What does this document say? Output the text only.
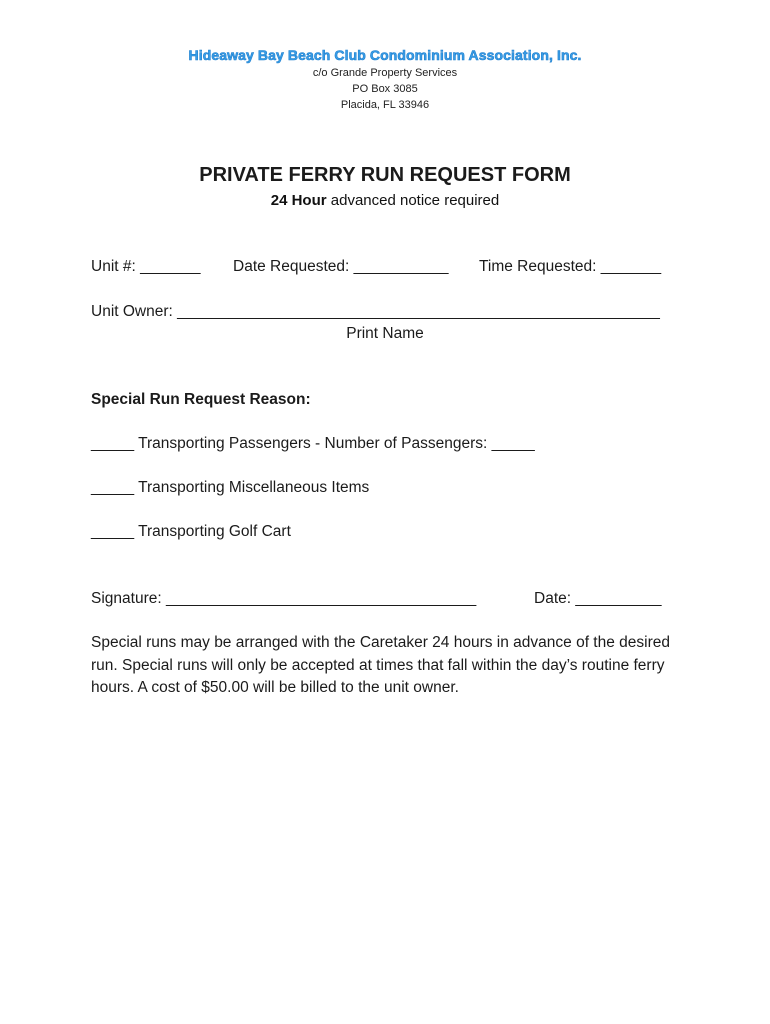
Hideaway Bay Beach Club Condominium Association, Inc.
c/o Grande Property Services
PO Box 3085
Placida, FL 33946
PRIVATE FERRY RUN REQUEST FORM
24 Hour advanced notice required
Unit #: _______ Date Requested: ___________ Time Requested: _______
Unit Owner: ________________________________________________________
Print Name
Special Run Request Reason:
_____ Transporting Passengers - Number of Passengers: _____
_____ Transporting Miscellaneous Items
_____ Transporting Golf Cart
Signature: ____________________________________	Date: __________
Special runs may be arranged with the Caretaker 24 hours in advance of the desired run. Special runs will only be accepted at times that fall within the day’s routine ferry hours. A cost of $50.00 will be billed to the unit owner.
